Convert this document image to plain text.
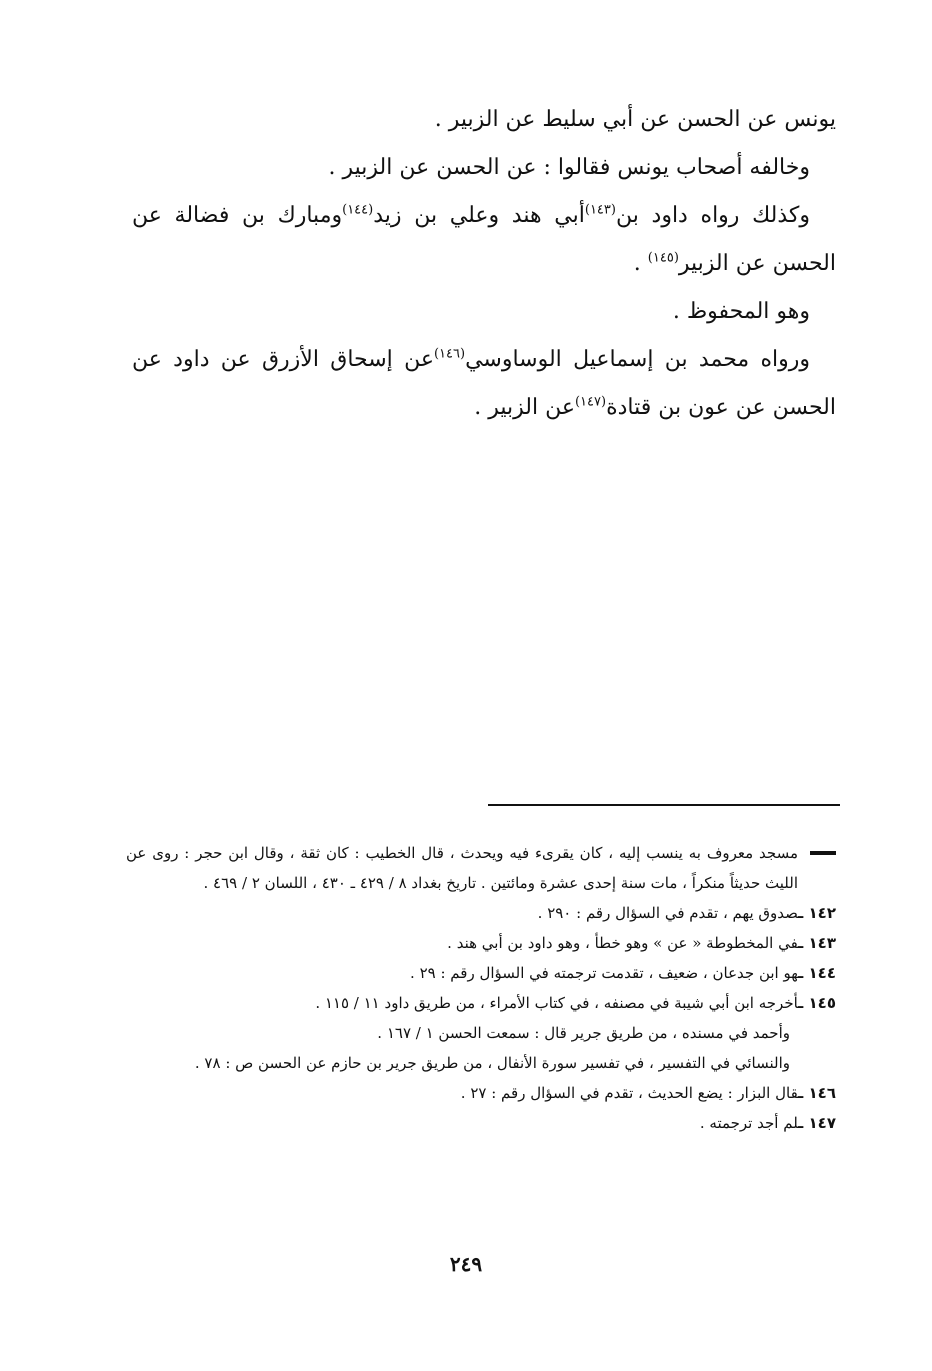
يونس عن الحسن عن أبي سليط عن الزبير .

وخالفه أصحاب يونس فقالوا : عن الحسن عن الزبير .

وكذلك رواه داود بن$^{(١٤٣)}$أبي هند وعلي بن زيد$^{(١٤٤)}$ومبارك بن فضالة عن الحسن عن الزبير$^{(١٤٥)}$ .

وهو المحفوظ .

ورواه محمد بن إسماعيل الوساوسي$^{(١٤٦)}$عن إسحاق الأزرق عن داود عن الحسن عن عون بن قتادة$^{(١٤٧)}$عن الزبير .

مسجد معروف به ينسب إليه ، كان يقرىء فيه ويحدث ، قال الخطيب : كان ثقة ، وقال ابن حجر : روى عن الليث حديثاً منكراً ، مات سنة إحدى عشرة ومائتين . تاريخ بغداد ٨ / ٤٢٩ ـ ٤٣٠ ، اللسان ٢ / ٤٦٩ .

١٤٢ ـصدوق يهم ، تقدم في السؤال رقم : ٢٩٠ .

١٤٣ ـفي المخطوطة « عن » وهو خطأ ، وهو داود بن أبي هند .

١٤٤ ـهو ابن جدعان ، ضعيف ، تقدمت ترجمته في السؤال رقم : ٢٩ .

١٤٥ ـأخرجه ابن أبي شيبة في مصنفه ، في كتاب الأمراء ، من طريق داود ١١ / ١١٥ .

وأحمد في مسنده ، من طريق جرير قال : سمعت الحسن ١ / ١٦٧ .

والنسائي في التفسير ، في تفسير سورة الأنفال ، من طريق جرير بن حازم عن الحسن ص : ٧٨ .

١٤٦ ـقال البزار : يضع الحديث ، تقدم في السؤال رقم : ٢٧ .

١٤٧ ـلم أجد ترجمته .

٢٤٩
